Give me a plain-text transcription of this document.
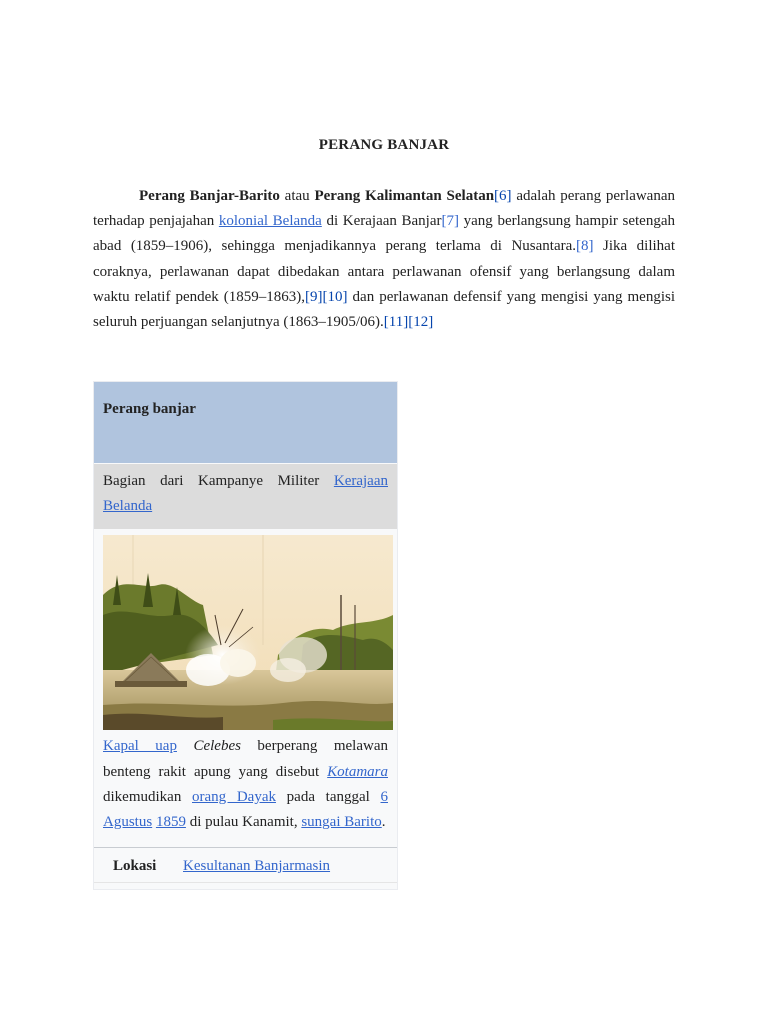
PERANG BANJAR
Perang Banjar-Barito atau Perang Kalimantan Selatan[6] adalah perang perlawanan terhadap penjajahan kolonial Belanda di Kerajaan Banjar[7] yang berlangsung hampir setengah abad (1859–1906), sehingga menjadikannya perang terlama di Nusantara.[8] Jika dilihat coraknya, perlawanan dapat dibedakan antara perlawanan ofensif yang berlangsung dalam waktu relatif pendek (1859–1863),[9][10] dan perlawanan defensif yang mengisi yang mengisi seluruh perjuangan selanjutnya (1863–1905/06).[11][12]
Perang banjar
Bagian dari Kampanye Militer Kerajaan Belanda
Kapal uap Celebes berperang melawan benteng rakit apung yang disebut Kotamara dikemudikan orang Dayak pada tanggal 6 Agustus 1859 di pulau Kanamit, sungai Barito.
Lokasi	Kesultanan Banjarmasin
